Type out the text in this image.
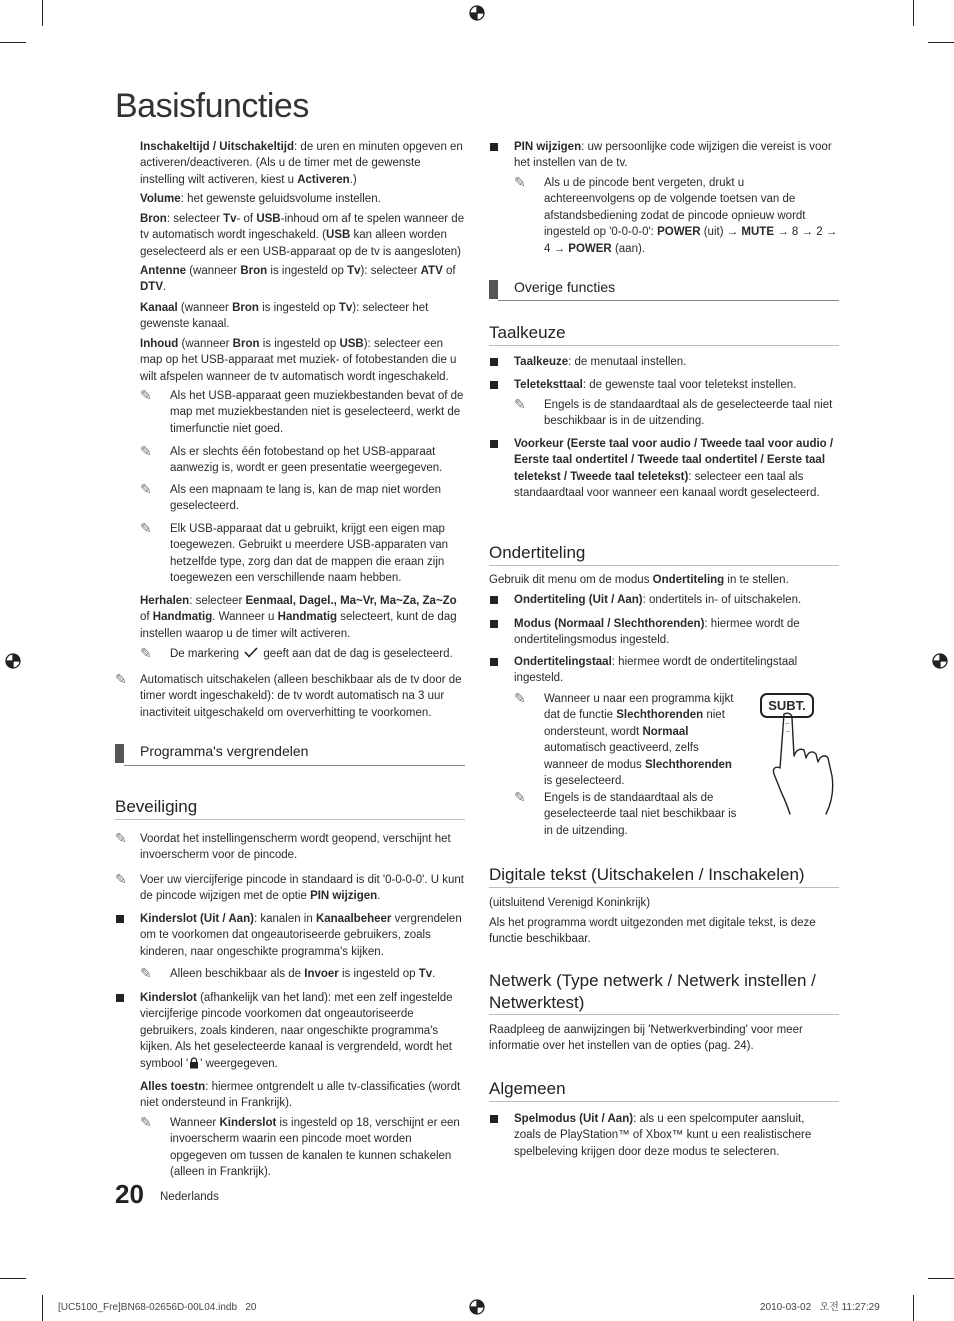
Basisfuncties

Inschakeltijd / Uitschakeltijd: de uren en minuten opgeven en activeren/deactiveren. (Als u de timer met de gewenste instelling wilt activeren, kiest u Activeren.)

Volume: het gewenste geluidsvolume instellen.

Bron: selecteer Tv- of USB-inhoud om af te spelen wanneer de tv automatisch wordt ingeschakeld. (USB kan alleen worden geselecteerd als er een USB-apparaat op de tv is aangesloten)

Antenne (wanneer Bron is ingesteld op Tv): selecteer ATV of DTV.

Kanaal (wanneer Bron is ingesteld op Tv): selecteer het gewenste kanaal.

Inhoud (wanneer Bron is ingesteld op USB): selecteer een map op het USB-apparaat met muziek- of fotobestanden die u wilt afspelen wanneer de tv automatisch wordt ingeschakeld.

✎ Als het USB-apparaat geen muziekbestanden bevat of de map met muziekbestanden niet is geselecteerd, werkt de timerfunctie niet goed.

✎ Als er slechts één fotobestand op het USB-apparaat aanwezig is, wordt er geen presentatie weergegeven.

✎ Als een mapnaam te lang is, kan de map niet worden geselecteerd.

✎ Elk USB-apparaat dat u gebruikt, krijgt een eigen map toegewezen. Gebruikt u meerdere USB-apparaten van hetzelfde type, zorg dan dat de mappen die eraan zijn toegewezen een verschillende naam hebben.

Herhalen: selecteer Eenmaal, Dagel., Ma~Vr, Ma~Za, Za~Zo of Handmatig. Wanneer u Handmatig selecteert, kunt de dag instellen waarop u de timer wilt activeren.

✎ De markering  geeft aan dat de dag is geselecteerd.

✎ Automatisch uitschakelen (alleen beschikbaar als de tv door de timer wordt ingeschakeld): de tv wordt automatisch na 3 uur inactiviteit uitgeschakeld om oververhitting te voorkomen.

Programma's vergrendelen
Beveiliging
✎ Voordat het instellingenscherm wordt geopend, verschijnt het invoerscherm voor de pincode.

✎ Voer uw viercijferige pincode in standaard is dit '0-0-0-0'. U kunt de pincode wijzigen met de optie PIN wijzigen.

Kinderslot (Uit / Aan): kanalen in Kanaalbeheer vergrendelen om te voorkomen dat ongeautoriseerde gebruikers, zoals kinderen, naar ongeschikte programma's kijken.

✎ Alleen beschikbaar als de Invoer is ingesteld op Tv.

Kinderslot (afhankelijk van het land): met een zelf ingestelde viercijferige pincode voorkomen dat ongeautoriseerde gebruikers, zoals kinderen, naar ongeschikte programma's kijken. Als het geselecteerde kanaal is vergrendeld, wordt het symbool ' ' weergegeven.

Alles toestn: hiermee ontgrendelt u alle tv-classificaties (wordt niet ondersteund in Frankrijk).

✎ Wanneer Kinderslot is ingesteld op 18, verschijnt er een invoerscherm waarin een pincode moet worden opgegeven om tussen de kanalen te kunnen schakelen (alleen in Frankrijk).

20 Nederlands

PIN wijzigen: uw persoonlijke code wijzigen die vereist is voor het instellen van de tv.

✎ Als u de pincode bent vergeten, drukt u achtereenvolgens op de volgende toetsen van de afstandsbediening zodat de pincode opnieuw wordt ingesteld op '0-0-0-0': POWER (uit) → MUTE → 8 → 2 → 4 → POWER (aan).

Overige functies
Taalkeuze

Taalkeuze: de menutaal instellen.

Teleteksttaal: de gewenste taal voor teletekst instellen.

✎ Engels is de standaardtaal als de geselecteerde taal niet beschikbaar is in de uitzending.

Voorkeur (Eerste taal voor audio / Tweede taal voor audio / Eerste taal ondertitel / Tweede taal ondertitel / Eerste taal teletekst / Tweede taal teletekst): selecteer een taal als standaardtaal voor wanneer een kanaal wordt geselecteerd.

Ondertiteling

Gebruik dit menu om de modus Ondertiteling in te stellen.

Ondertiteling (Uit / Aan): ondertitels in- of uitschakelen.

Modus (Normaal / Slechthorenden): hiermee wordt de ondertitelingsmodus ingesteld.

Ondertitelingstaal: hiermee wordt de ondertitelingstaal ingesteld.

✎ Wanneer u naar een programma kijkt dat de functie Slechthorenden niet ondersteunt, wordt Normaal automatisch geactiveerd, zelfs wanneer de modus Slechthorenden is geselecteerd.

✎ Engels is de standaardtaal als de geselecteerde taal niet beschikbaar is in de uitzending.

SUBT.
Digitale tekst (Uitschakelen / Inschakelen)

(uitsluitend Verenigd Koninkrijk)

Als het programma wordt uitgezonden met digitale tekst, is deze functie beschikbaar.

Netwerk (Type netwerk / Netwerk instellen / Netwerktest)

Raadpleeg de aanwijzingen bij 'Netwerkverbinding' voor meer informatie over het instellen van de opties (pag. 24).

Algemeen

Spelmodus (Uit / Aan): als u een spelcomputer aansluit, zoals de PlayStation™ of Xbox™ kunt u een realistischere spelbeleving krijgen door deze modus te selecteren.

[UC5100_Fre]BN68-02656D-00L04.indb   20	2010-03-02   오전 11:27:29
